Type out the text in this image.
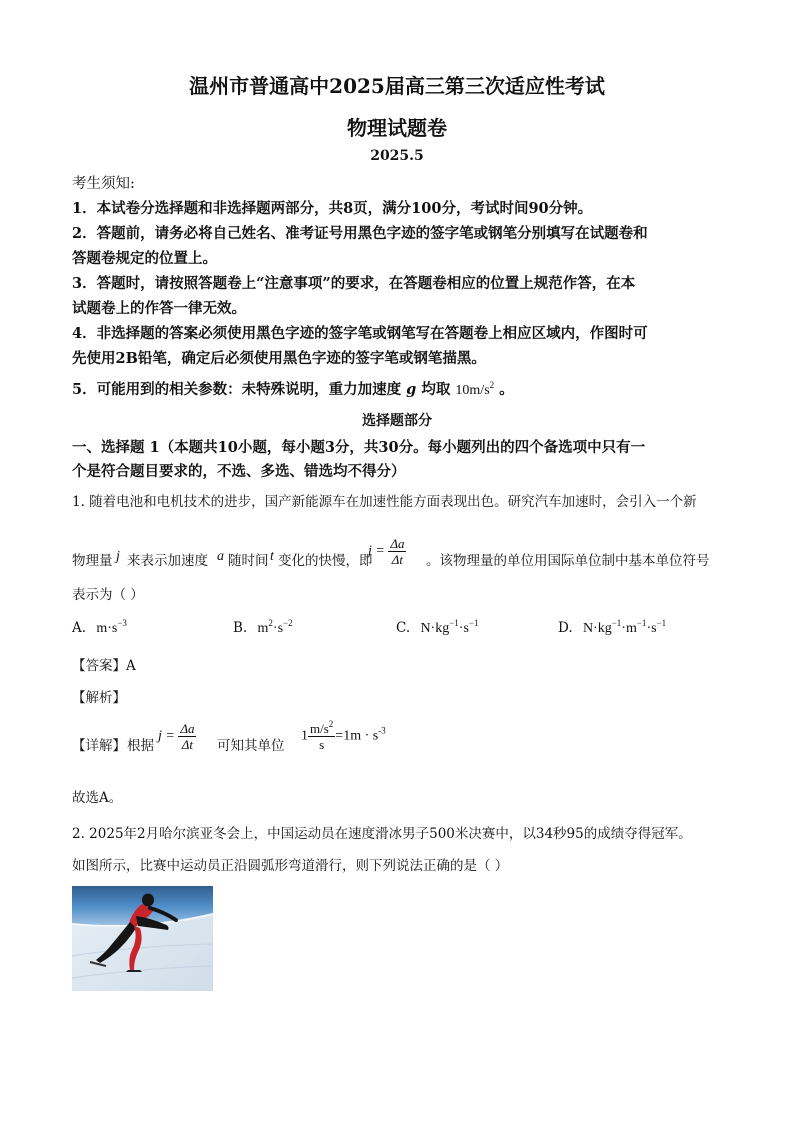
温州市普通高中2025届高三第三次适应性考试
物理试题卷
2025.5
考生须知:
1．本试卷分选择题和非选择题两部分，共8页，满分100分，考试时间90分钟。
2．答题前，请务必将自己姓名、准考证号用黑色字迹的签字笔或钢笔分别填写在试题卷和
答题卷规定的位置上。
3．答题时，请按照答题卷上“注意事项”的要求，在答题卷相应的位置上规范作答，在本
试题卷上的作答一律无效。
4．非选择题的答案必须使用黑色字迹的签字笔或钢笔写在答题卷上相应区域内，作图时可
先使用2B铅笔，确定后必须使用黑色字迹的签字笔或钢笔描黑。
5．可能用到的相关参数：未特殊说明，重力加速度 g 均取 $10m/s^2$ 。
选择题部分
一、选择题 1（本题共10小题，每小题3分，共30分。每小题列出的四个备选项中只有一
个是符合题目要求的，不选、多选、错选均不得分）
1. 随着电池和电机技术的进步，国产新能源车在加速性能方面表现出色。研究汽车加速时，会引入一个新
物理量 j 来表示加速度 a 随时间 t 变化的快慢，即
$j = \frac{\Delta a}{\Delta t}$ 。该物理量的单位用国际单位制中基本单位符号
表示为（ ）
A. $m\cdot s^{-3}$	B. $m^2\cdot s^{-2}$	C. $N\cdot kg^{-1}\cdot s^{-1}$	D. $N\cdot kg^{-1}\cdot m^{-1}\cdot s^{-1}$
【答案】A
【解析】
【详解】 根据
$j = \frac{\Delta a}{\Delta t}$ 可知其单位
$1 \frac{m/s^2}{s} =1m \cdot s^{-3}$
故选A。
2. 2025年2月哈尔滨亚冬会上，中国运动员在速度滑冰男子500米决赛中，以34秒95的成绩夺得冠军。
如图所示，比赛中运动员正沿圆弧形弯道滑行，则下列说法正确的是（ ）
